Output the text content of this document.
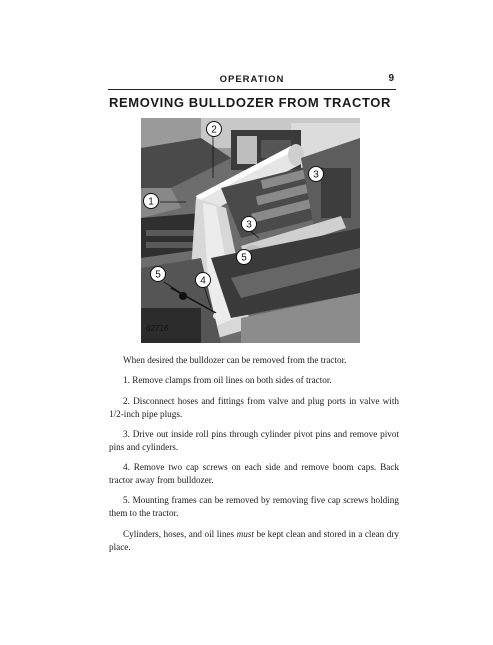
OPERATION	9
REMOVING BULLDOZER FROM TRACTOR
2
1
3
3
5
5
4
62716

When desired the bulldozer can be removed from the tractor.

1. Remove clamps from oil lines on both sides of tractor.

2. Disconnect hoses and fittings from valve and plug ports in valve with 1/2-inch pipe plugs.

3. Drive out inside roll pins through cylinder pivot pins and remove pivot pins and cylinders.

4. Remove two cap screws on each side and remove boom caps. Back tractor away from bulldozer.

5. Mounting frames can be removed by removing five cap screws holding them to the tractor.

Cylinders, hoses, and oil lines must be kept clean and stored in a clean dry place.
